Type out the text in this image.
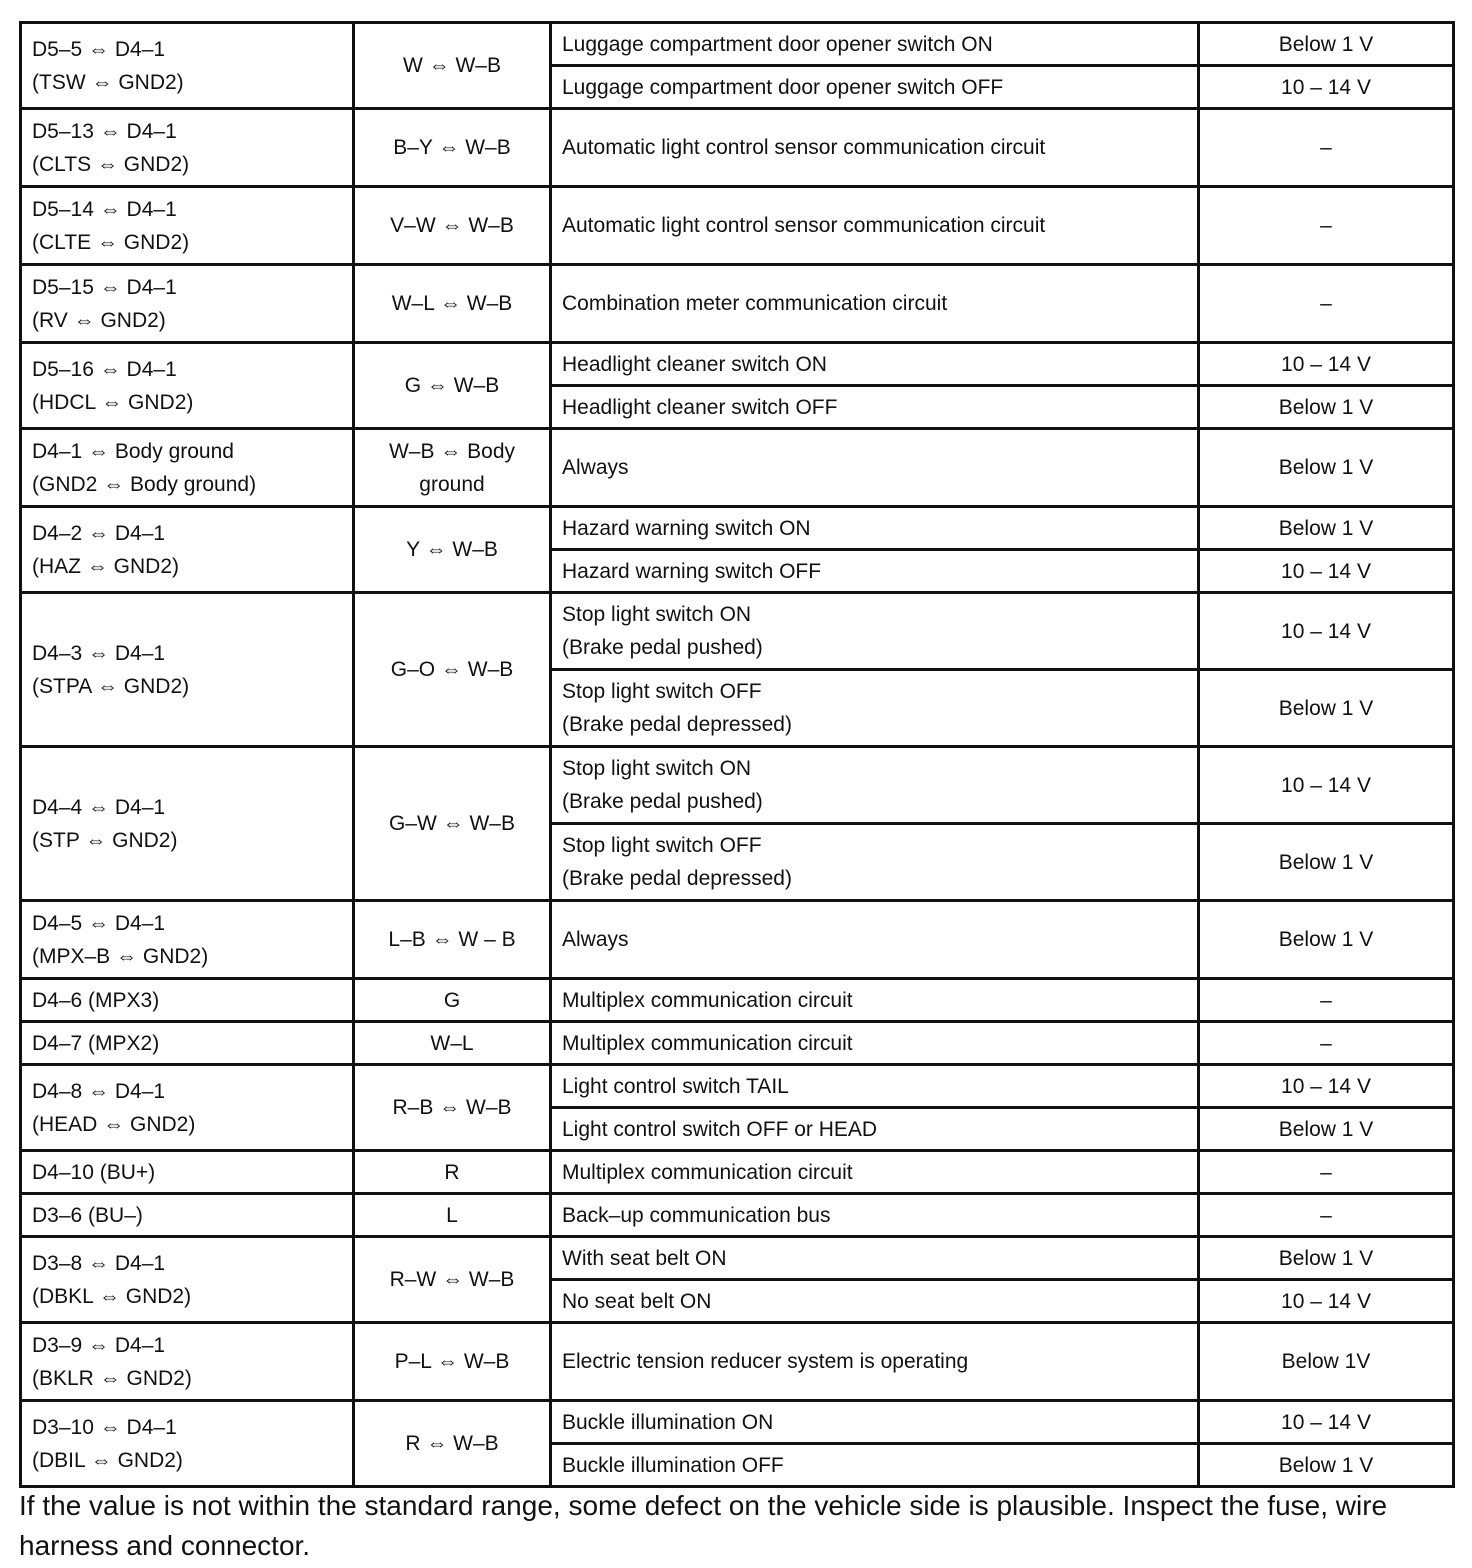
D5–5 ⇔ D4–1
(TSW ⇔ GND2)	W ⇔ W–B	Luggage compartment door opener switch ON	Below 1 V
		Luggage compartment door opener switch OFF	10 – 14 V
D5–13 ⇔ D4–1
(CLTS ⇔ GND2)	B–Y ⇔ W–B	Automatic light control sensor communication circuit	–
D5–14 ⇔ D4–1
(CLTE ⇔ GND2)	V–W ⇔ W–B	Automatic light control sensor communication circuit	–
D5–15 ⇔ D4–1
(RV ⇔ GND2)	W–L ⇔ W–B	Combination meter communication circuit	–
D5–16 ⇔ D4–1
(HDCL ⇔ GND2)	G ⇔ W–B	Headlight cleaner switch ON	10 – 14 V
		Headlight cleaner switch OFF	Below 1 V
D4–1 ⇔ Body ground
(GND2 ⇔ Body ground)	W–B ⇔ Body
ground	Always	Below 1 V
D4–2 ⇔ D4–1
(HAZ ⇔ GND2)	Y ⇔ W–B	Hazard warning switch ON	Below 1 V
		Hazard warning switch OFF	10 – 14 V
D4–3 ⇔ D4–1
(STPA ⇔ GND2)	G–O ⇔ W–B	Stop light switch ON
(Brake pedal pushed)	10 – 14 V
		Stop light switch OFF
(Brake pedal depressed)	Below 1 V
D4–4 ⇔ D4–1
(STP ⇔ GND2)	G–W ⇔ W–B	Stop light switch ON
(Brake pedal pushed)	10 – 14 V
		Stop light switch OFF
(Brake pedal depressed)	Below 1 V
D4–5 ⇔ D4–1
(MPX–B ⇔ GND2)	L–B ⇔ W – B	Always	Below 1 V
D4–6 (MPX3)	G	Multiplex communication circuit	–
D4–7 (MPX2)	W–L	Multiplex communication circuit	–
D4–8 ⇔ D4–1
(HEAD ⇔ GND2)	R–B ⇔ W–B	Light control switch TAIL	10 – 14 V
		Light control switch OFF or HEAD	Below 1 V
D4–10 (BU+)	R	Multiplex communication circuit	–
D3–6 (BU–)	L	Back–up communication bus	–
D3–8 ⇔ D4–1
(DBKL ⇔ GND2)	R–W ⇔ W–B	With seat belt ON	Below 1 V
		No seat belt ON	10 – 14 V
D3–9 ⇔ D4–1
(BKLR ⇔ GND2)	P–L ⇔ W–B	Electric tension reducer system is operating	Below 1V
D3–10 ⇔ D4–1
(DBIL ⇔ GND2)	R ⇔ W–B	Buckle illumination ON	10 – 14 V
		Buckle illumination OFF	Below 1 V
If the value is not within the standard range, some defect on the vehicle side is plausible. Inspect the fuse, wire harness and connector.
